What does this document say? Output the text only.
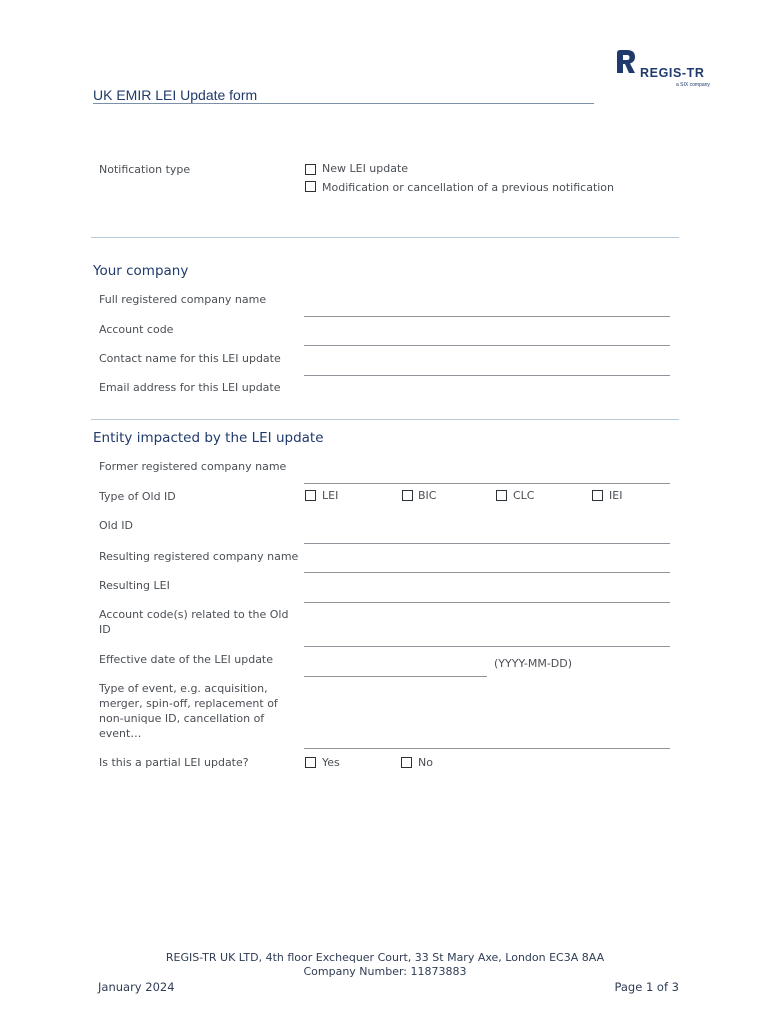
UK EMIR LEI Update form
REGIS-TR
a SIX company
Notification type	New LEI update
Modification or cancellation of a previous notification
Your company
Full registered company name
Account code
Contact name for this LEI update
Email address for this LEI update
Entity impacted by the LEI update
Former registered company name
Type of Old ID	LEI	BIC	CLC	IEI
Old ID
Resulting registered company name
Resulting LEI
Account code(s) related to the Old
ID
Effective date of the LEI update	(YYYY-MM-DD)
Type of event, e.g. acquisition,
merger, spin-off, replacement of
non-unique ID, cancellation of
event…
Is this a partial LEI update?	Yes	No
REGIS-TR UK LTD, 4th floor Exchequer Court, 33 St Mary Axe, London EC3A 8AA
Company Number: 11873883
January 2024	Page 1 of 3
